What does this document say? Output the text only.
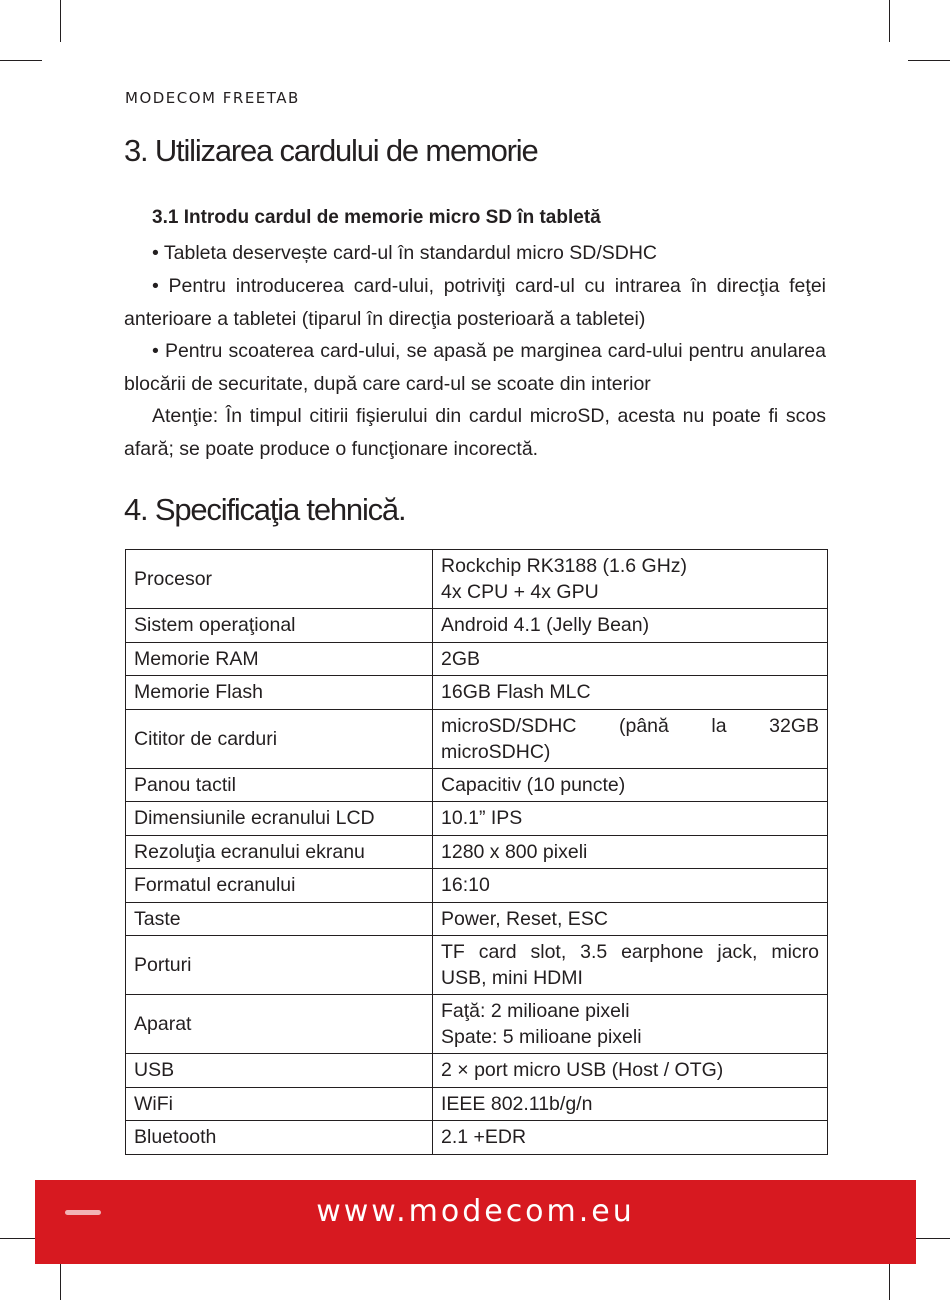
MODECOM FREETAB
3. Utilizarea cardului de memorie
3.1 Introdu cardul de memorie micro SD în tabletă

• Tableta deservește card-ul în standardul micro SD/SDHC

• Pentru introducerea card-ului, potriviţi card-ul cu intrarea în direcţia feţei anterioare a tabletei (tiparul în direcţia posterioară a tabletei)

• Pentru scoaterea card-ului, se apasă pe marginea card-ului pentru anularea blocării de securitate, după care card-ul se scoate din interior

Atenţie: În timpul citirii fişierului din cardul microSD, acesta nu poate fi scos afară; se poate produce o funcţionare incorectă.

4. Specificaţia tehnică.
Procesor	Rockchip RK3188 (1.6 GHz)
4x CPU + 4x GPU
Sistem operaţional	Android 4.1 (Jelly Bean)
Memorie RAM	2GB
Memorie Flash	16GB Flash MLC
Cititor de carduri	microSD/SDHC (până la 32GB microSDHC)
Panou tactil	Capacitiv (10 puncte)
Dimensiunile ecranului LCD	10.1” IPS
Rezoluţia ecranului ekranu	1280 x 800 pixeli
Formatul ecranului	16:10
Taste	Power, Reset, ESC
Porturi	TF card slot, 3.5 earphone jack, micro USB, mini HDMI
Aparat	Faţă: 2 milioane pixeli
Spate: 5 milioane pixeli
USB	2 × port micro USB (Host / OTG)
WiFi	IEEE 802.11b/g/n
Bluetooth	2.1 +EDR
www.modecom.eu
